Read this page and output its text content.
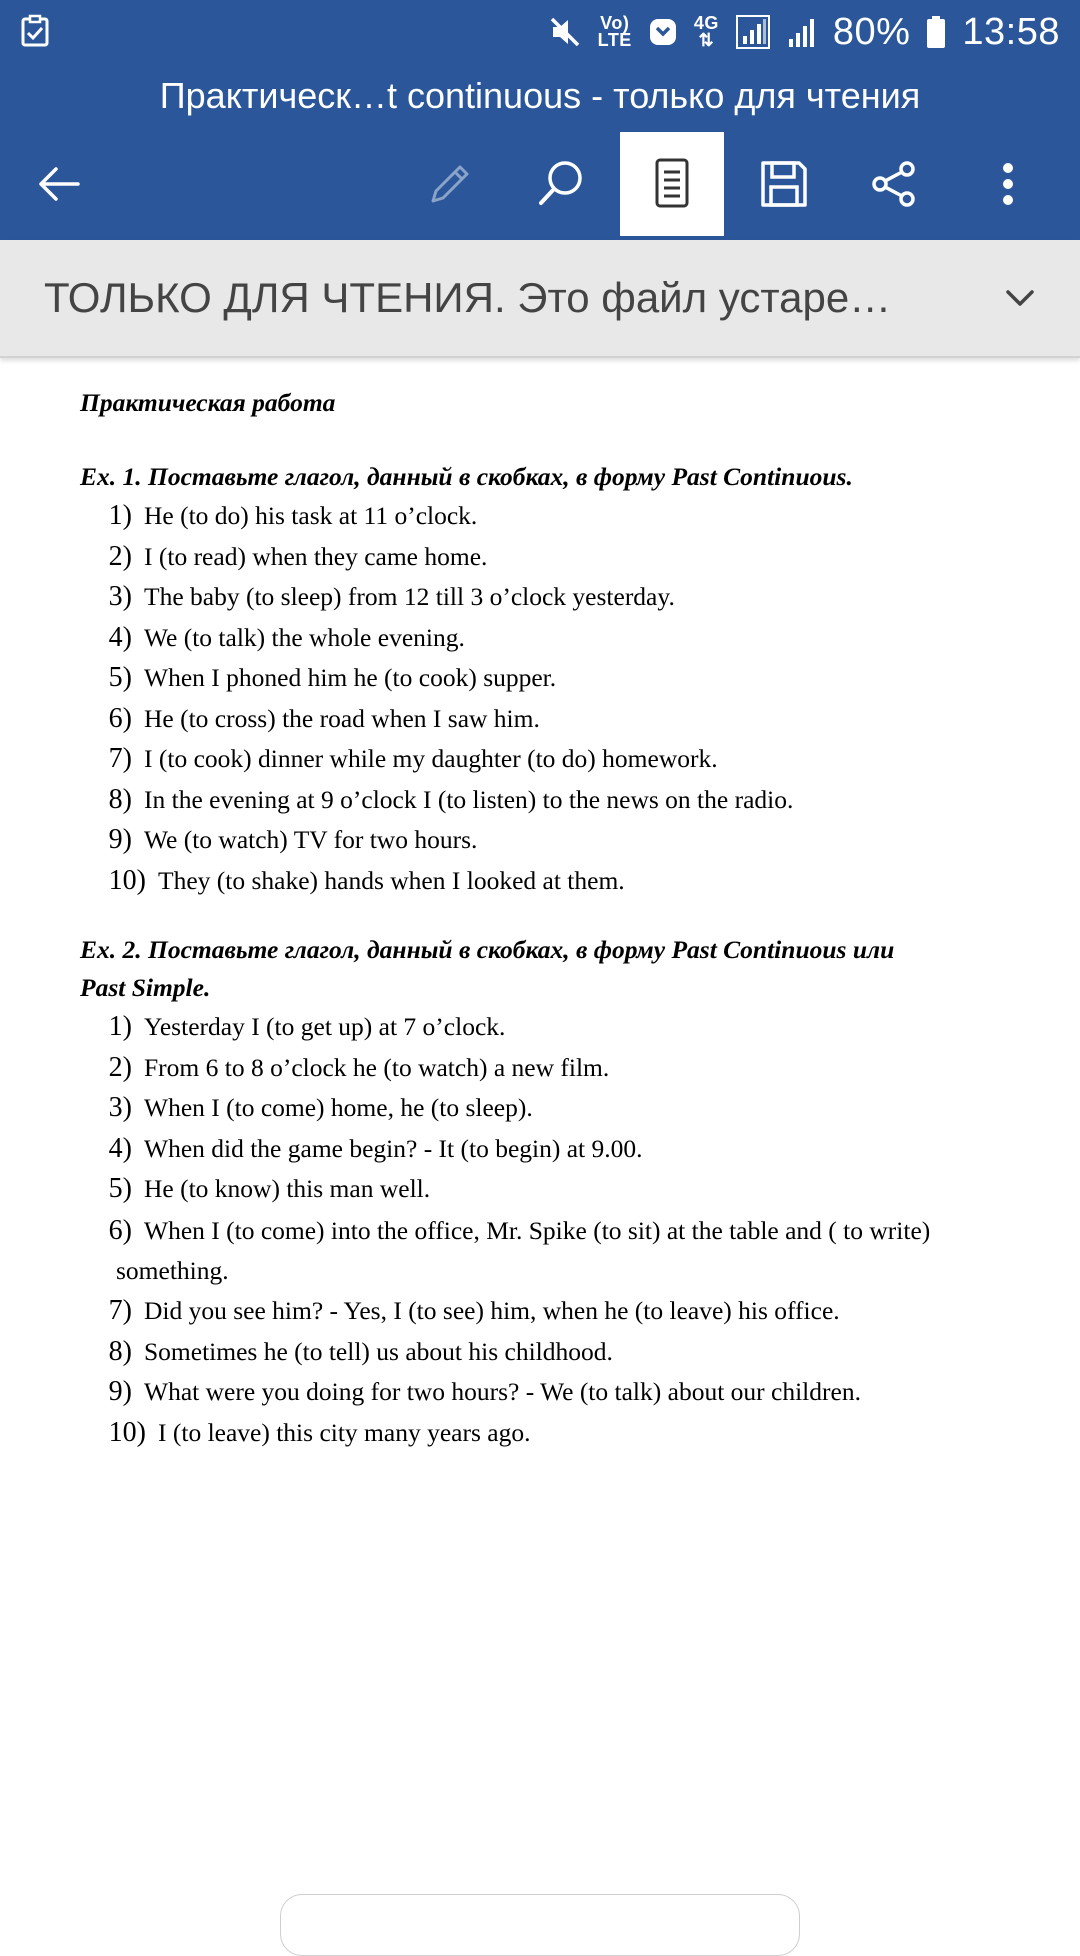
Vo)
LTE
4G
⇅	80% 13:58
Практическ…t continuous - только для чтения
ТОЛЬКО ДЛЯ ЧТЕНИЯ. Это файл устаре…
Практическая работа
Ex. 1. Поставьте глагол, данный в скобках, в форму Past Continuous.
1) He (to do) his task at 11 o’clock.
2) I (to read) when they came home.
3) The baby (to sleep) from 12 till 3 o’clock yesterday.
4) We (to talk) the whole evening.
5) When I phoned him he (to cook) supper.
6) He (to cross) the road when I saw him.
7) I (to cook) dinner while my daughter (to do) homework.
8) In the evening at 9 o’clock I (to listen) to the news on the radio.
9) We (to watch) TV for two hours.
10) They (to shake) hands when I looked at them.
Ex. 2. Поставьте глагол, данный в скобках, в форму Past Continuous или
Past Simple.
1) Yesterday I (to get up) at 7 o’clock.
2) From 6 to 8 o’clock he (to watch) a new film.
3) When I (to come) home, he (to sleep).
4) When did the game begin? - It (to begin) at 9.00.
5) He (to know) this man well.
6) When I (to come) into the office, Mr. Spike (to sit) at the table and ( to write)
something.
7) Did you see him? - Yes, I (to see) him, when he (to leave) his office.
8) Sometimes he (to tell) us about his childhood.
9) What were you doing for two hours? - We (to talk) about our children.
10) I (to leave) this city many years ago.
